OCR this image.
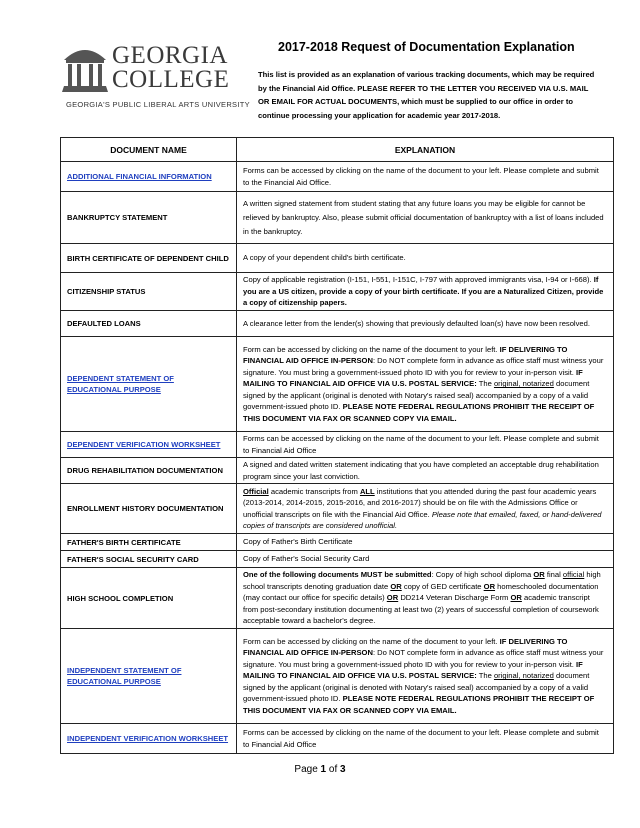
GEORGIA
COLLEGE
GEORGIA'S PUBLIC LIBERAL ARTS UNIVERSITY
2017-2018 Request of Documentation Explanation
This list is provided as an explanation of various tracking documents, which may be required by the Financial Aid Office. PLEASE REFER TO THE LETTER YOU RECEIVED VIA U.S. MAIL OR EMAIL FOR ACTUAL DOCUMENTS, which must be supplied to our office in order to continue processing your application for academic year 2017-2018.
DOCUMENT NAME	EXPLANATION
ADDITIONAL FINANCIAL INFORMATION	Forms can be accessed by clicking on the name of the document to your left. Please complete and submit to the Financial Aid Office.
BANKRUPTCY STATEMENT	A written signed statement from student stating that any future loans you may be eligible for cannot be relieved by bankruptcy. Also, please submit official documentation of bankruptcy with a list of loans included in the bankruptcy.
BIRTH CERTIFICATE OF DEPENDENT CHILD	A copy of your dependent child's birth certificate.
CITIZENSHIP STATUS	Copy of applicable registration (I-151, I-551, I-151C, I-797 with approved immigrants visa, I-94 or I-668). If you are a US citizen, provide a copy of your birth certificate. If you are a Naturalized Citizen, provide a copy of citizenship papers.
DEFAULTED LOANS	A clearance letter from the lender(s) showing that previously defaulted loan(s) have now been resolved.
DEPENDENT STATEMENT OF EDUCATIONAL PURPOSE	Form can be accessed by clicking on the name of the document to your left. IF DELIVERING TO FINANCIAL AID OFFICE IN-PERSON: Do NOT complete form in advance as office staff must witness your signature. You must bring a government-issued photo ID with you for review to your in-person visit. IF MAILING TO FINANCIAL AID OFFICE VIA U.S. POSTAL SERVICE: The original, notarized document signed by the applicant (original is denoted with Notary's raised seal) accompanied by a copy of a valid government-issued photo ID. PLEASE NOTE FEDERAL REGULATIONS PROHIBIT THE RECEIPT OF THIS DOCUMENT VIA FAX OR SCANNED COPY VIA EMAIL.
DEPENDENT VERIFICATION WORKSHEET	Forms can be accessed by clicking on the name of the document to your left. Please complete and submit to Financial Aid Office
DRUG REHABILITATION DOCUMENTATION	A signed and dated written statement indicating that you have completed an acceptable drug rehabilitation program since your last conviction.
ENROLLMENT HISTORY DOCUMENTATION	Official academic transcripts from ALL institutions that you attended during the past four academic years (2013-2014, 2014-2015, 2015-2016, and 2016-2017) should be on file with the Admissions Office or unofficial transcripts on file with the Financial Aid Office. Please note that emailed, faxed, or hand-delivered copies of transcripts are considered unofficial.
FATHER'S BIRTH CERTIFICATE	Copy of Father's Birth Certificate
FATHER'S SOCIAL SECURITY CARD	Copy of Father's Social Security Card
HIGH SCHOOL COMPLETION	One of the following documents MUST be submitted: Copy of high school diploma OR final official high school transcripts denoting graduation date OR copy of GED certificate OR homeschooled documentation (may contact our office for specific details) OR DD214 Veteran Discharge Form OR academic transcript from post-secondary institution documenting at least two (2) years of successful completion of coursework acceptable toward a bachelor's degree.
INDEPENDENT STATEMENT OF EDUCATIONAL PURPOSE	Form can be accessed by clicking on the name of the document to your left. IF DELIVERING TO FINANCIAL AID OFFICE IN-PERSON: Do NOT complete form in advance as office staff must witness your signature. You must bring a government-issued photo ID with you for review to your in-person visit. IF MAILING TO FINANCIAL AID OFFICE VIA U.S. POSTAL SERVICE: The original, notarized document signed by the applicant (original is denoted with Notary's raised seal) accompanied by a copy of a valid government-issued photo ID. PLEASE NOTE FEDERAL REGULATIONS PROHIBIT THE RECEIPT OF THIS DOCUMENT VIA FAX OR SCANNED COPY VIA EMAIL.
INDEPENDENT VERIFICATION WORKSHEET	Forms can be accessed by clicking on the name of the document to your left. Please complete and submit to Financial Aid Office
Page 1 of 3
